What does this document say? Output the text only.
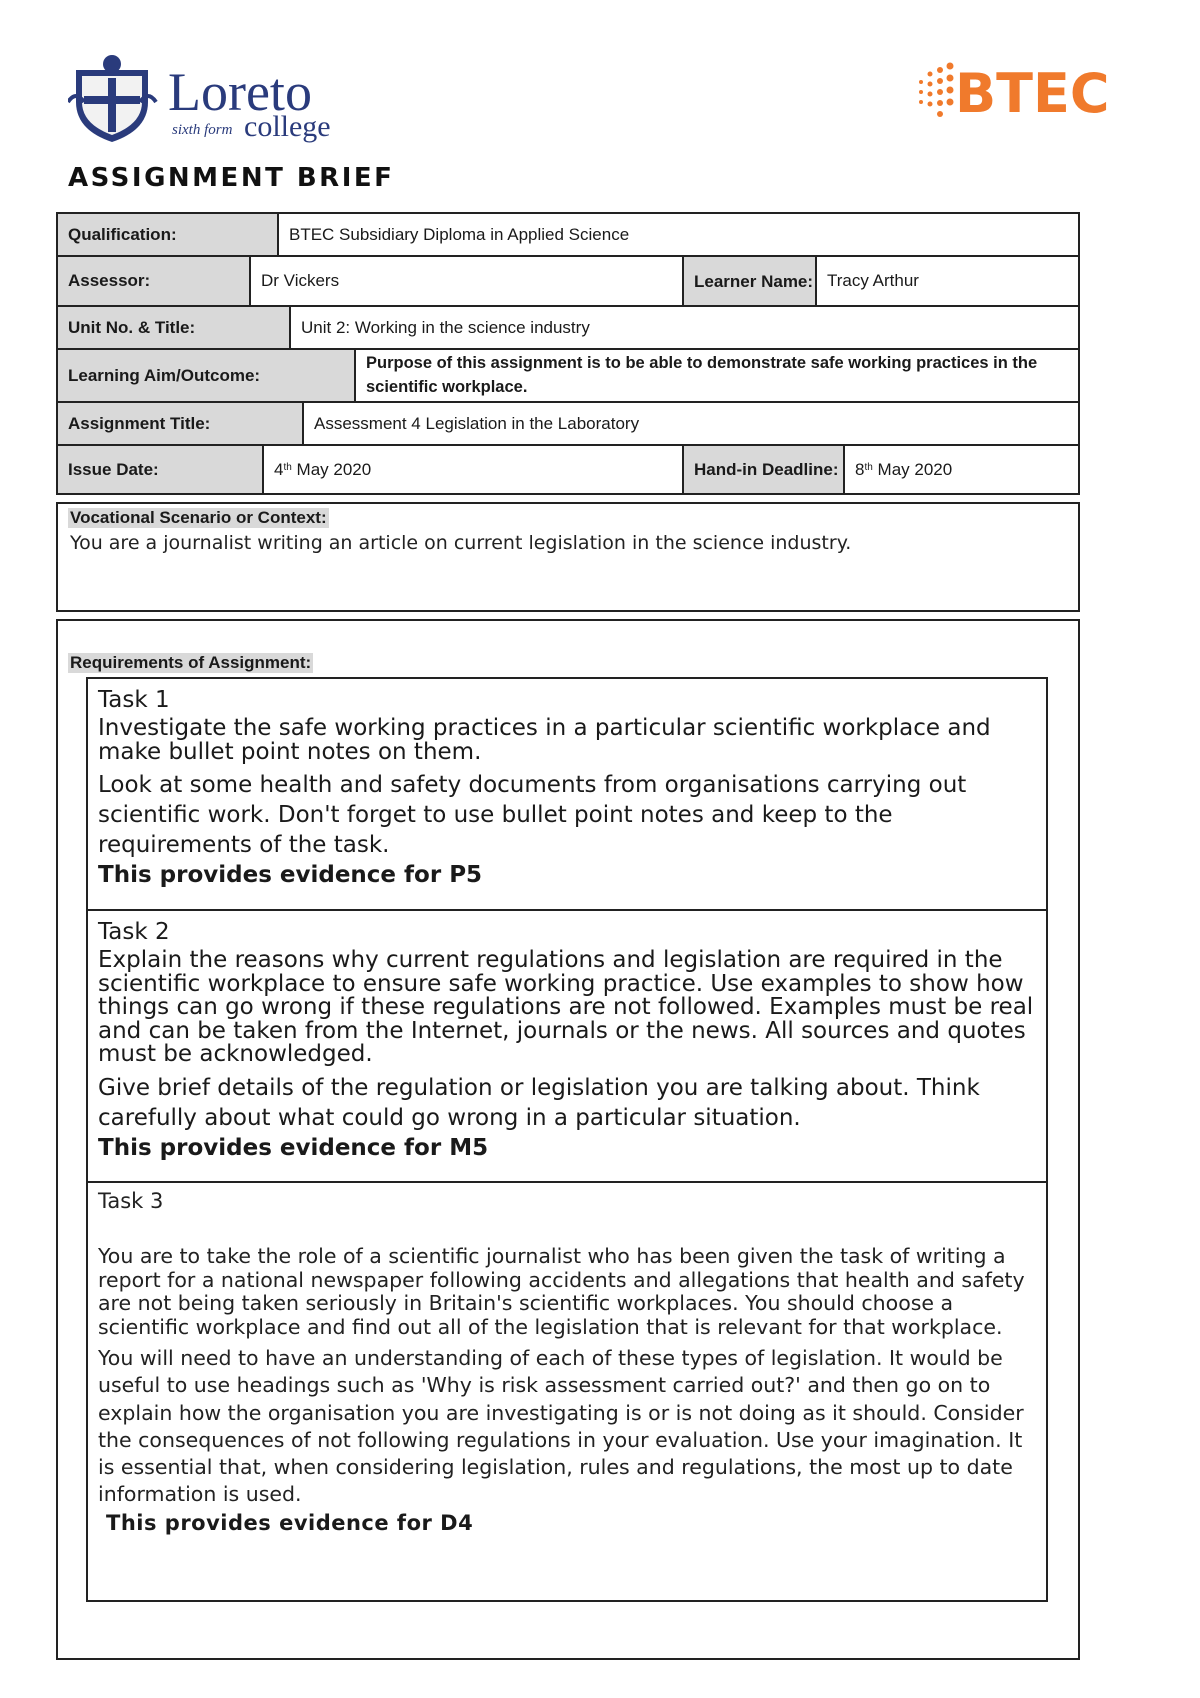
Loreto
sixth form college
BTEC
ASSIGNMENT BRIEF
Qualification:	BTEC Subsidiary Diploma in Applied Science
Assessor:	Dr Vickers	Learner Name: Tracy Arthur
Unit No. & Title:	Unit 2: Working in the science industry
Learning Aim/Outcome:
Purpose of this assignment is to be able to demonstrate safe working practices in the scientific workplace.
Assignment Title:	Assessment 4 Legislation in the Laboratory
Issue Date:	4th May 2020	Hand-in Deadline: 8th May 2020
Vocational Scenario or Context:
You are a journalist writing an article on current legislation in the science industry.
Requirements of Assignment:

Task 1

Investigate the safe working practices in a particular scientific workplace and make bullet point notes on them.

Look at some health and safety documents from organisations carrying out scientific work. Don't forget to use bullet point notes and keep to the requirements of the task.

This provides evidence for P5

Task 2

Explain the reasons why current regulations and legislation are required in the scientific workplace to ensure safe working practice. Use examples to show how things can go wrong if these regulations are not followed. Examples must be real and can be taken from the Internet, journals or the news. All sources and quotes must be acknowledged.

Give brief details of the regulation or legislation you are talking about. Think carefully about what could go wrong in a particular situation.

This provides evidence for M5

Task 3

You are to take the role of a scientific journalist who has been given the task of writing a report for a national newspaper following accidents and allegations that health and safety are not being taken seriously in Britain's scientific workplaces. You should choose a scientific workplace and find out all of the legislation that is relevant for that workplace.

You will need to have an understanding of each of these types of legislation. It would be useful to use headings such as 'Why is risk assessment carried out?' and then go on to explain how the organisation you are investigating is or is not doing as it should. Consider the consequences of not following regulations in your evaluation. Use your imagination. It is essential that, when considering legislation, rules and regulations, the most up to date information is used.

This provides evidence for D4
